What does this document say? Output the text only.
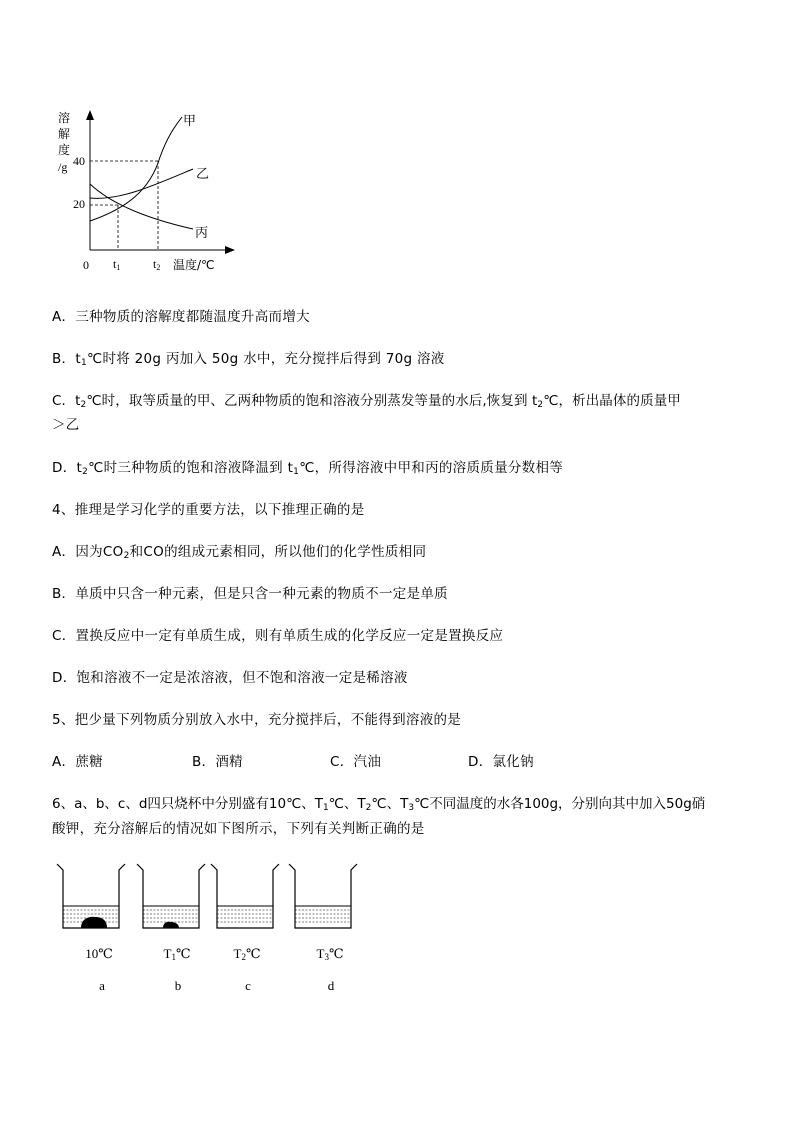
溶
解
度
/g 40
20
0 t1	t2 温度/℃
甲
乙
丙
A．三种物质的溶解度都随温度升高而增大
B．$t_1℃$时将 20g 丙加入 50g 水中，充分搅拌后得到 70g 溶液
C．$t_2℃$时，取等质量的甲、乙两种物质的饱和溶液分别蒸发等量的水后,恢复到 $t_2℃$，析出晶体的质量甲
＞乙
D．$t_2℃$时三种物质的饱和溶液降温到 $t_1℃$，所得溶液中甲和丙的溶质质量分数相等
4、推理是学习化学的重要方法，以下推理正确的是
A．因为$CO_2$和CO的组成元素相同，所以他们的化学性质相同
B．单质中只含一种元素，但是只含一种元素的物质不一定是单质
C．置换反应中一定有单质生成，则有单质生成的化学反应一定是置换反应
D．饱和溶液不一定是浓溶液，但不饱和溶液一定是稀溶液
5、把少量下列物质分别放入水中，充分搅拌后，不能得到溶液的是
A．蔗糖	B．酒精	C．汽油	D．氯化钠
6、a、b、c、d四只烧杯中分别盛有10℃、$T_1℃$、$T_2℃$、$T_3℃$不同温度的水各100g，分别向其中加入50g硝
酸钾，充分溶解后的情况如下图所示，下列有关判断正确的是
10℃	$T_1℃$	$T_2℃$	$T_3℃$
a	b	c	d
